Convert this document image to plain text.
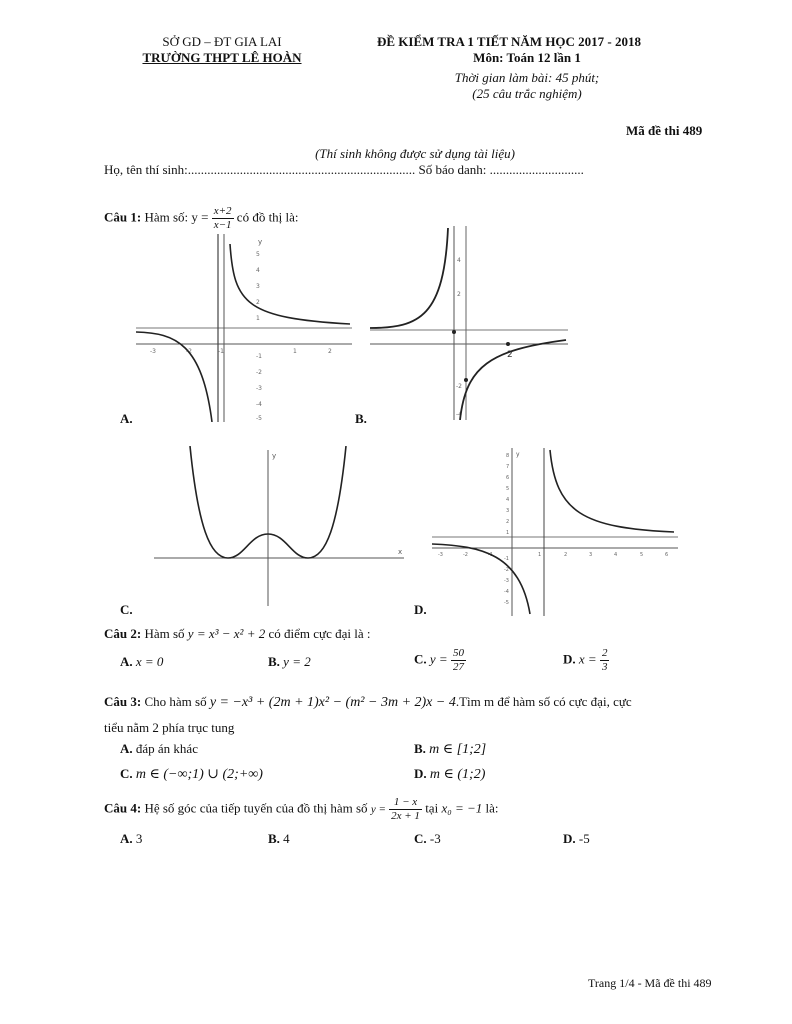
SỞ GD – ĐT GIA LAI
TRƯỜNG THPT LÊ HOÀN
ĐỀ KIỂM TRA 1 TIẾT NĂM HỌC 2017 - 2018
Môn: Toán 12 lần 1
Thời gian làm bài: 45 phút;
(25 câu trắc nghiệm)
Mã đề thi 489
(Thí sinh không được sử dụng tài liệu)
Họ, tên thí sinh:...................................................................... Số báo danh: .............................
Câu 1: Hàm số: $y = \frac{x+2}{x-1}$ có đồ thị là:
y
5
4
3
2
1
-1
-2
-3
-4
-5
-3	-2	-1	1	2
A.
4
2
-2
-4
2
B.
y
x
C.
y
8
7
6
5
4
3
2
1
-1
-2
-3
-4
-5
-3	-2	-1	1	2	3	4	5	6
D.
Câu 2: Hàm số y = x³ − x² + 2 có điểm cực đại là :
A. x = 0	B. y = 2	C. $y = \frac{50}{27}$	D. $x = \frac{2}{3}$
Câu 3: Cho hàm số y = −x³ + (2m + 1)x² − (m² − 3m + 2)x − 4.Tìm m để hàm số có cực đại, cực
tiểu nằm 2 phía trục tung
A. đáp án khác	B. m ∈ [1;2]
C. m ∈ (−∞;1) ∪ (2;+∞)	D. m ∈ (1;2)
Câu 4: Hệ số góc của tiếp tuyến của đồ thị hàm số $y = \frac{1 - x}{2x + 1}$ tại x₀ = −1 là:
A. 3	B. 4	C. -3	D. -5
Trang 1/4 - Mã đề thi 489
